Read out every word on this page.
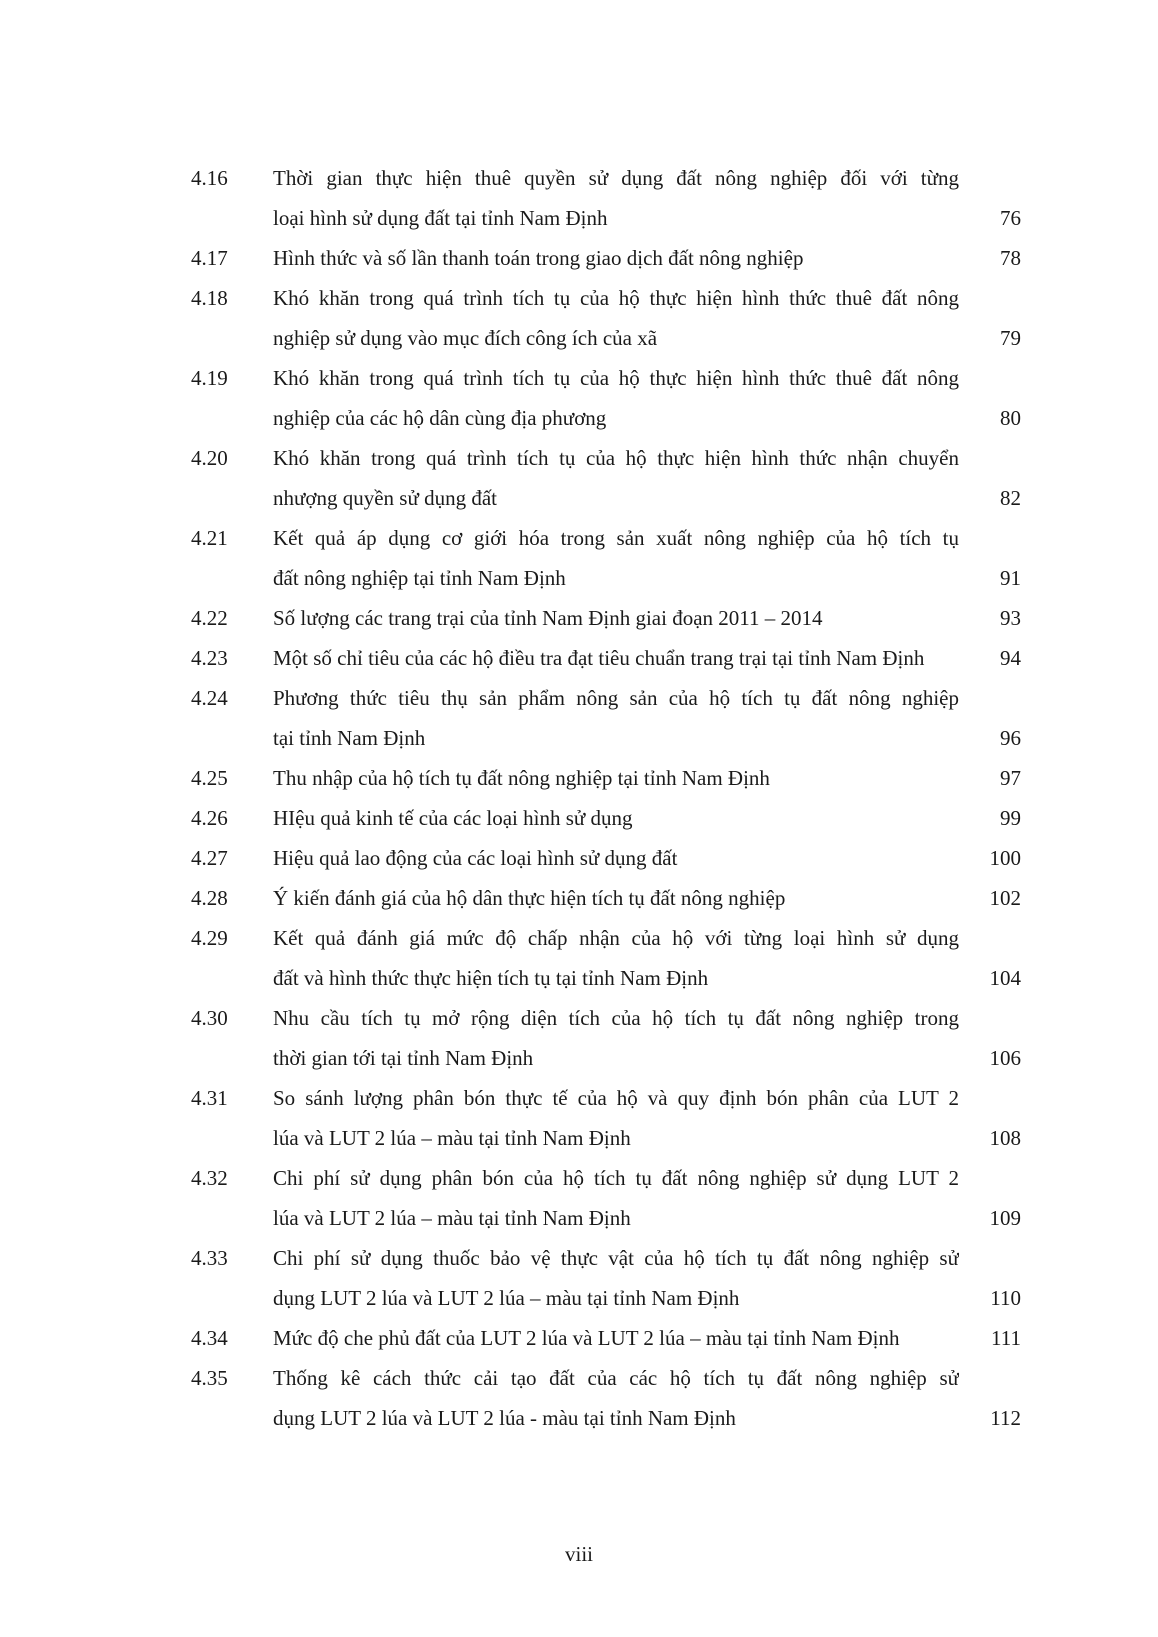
4.16	Thời gian thực hiện thuê quyền sử dụng đất nông nghiệp đối với từng
loại hình sử dụng đất tại tỉnh Nam Định	76
4.17	Hình thức và số lần thanh toán trong giao dịch đất nông nghiệp	78
4.18	Khó khăn trong quá trình tích tụ của hộ thực hiện hình thức thuê đất nông
nghiệp sử dụng vào mục đích công ích của xã	79
4.19	Khó khăn trong quá trình tích tụ của hộ thực hiện hình thức thuê đất nông
nghiệp của các hộ dân cùng địa phương	80
4.20	Khó khăn trong quá trình tích tụ của hộ thực hiện hình thức nhận chuyển
nhượng quyền sử dụng đất	82
4.21	Kết quả áp dụng cơ giới hóa trong sản xuất nông nghiệp của hộ tích tụ
đất nông nghiệp tại tỉnh Nam Định	91
4.22	Số lượng các trang trại của tỉnh Nam Định giai đoạn 2011 – 2014	93
4.23	Một số chỉ tiêu của các hộ điều tra đạt tiêu chuẩn trang trại tại tỉnh Nam Định	94
4.24	Phương thức tiêu thụ sản phẩm nông sản của hộ tích tụ đất nông nghiệp
tại tỉnh Nam Định	96
4.25	Thu nhập của hộ tích tụ đất nông nghiệp tại tỉnh Nam Định	97
4.26	HIệu quả kinh tế của các loại hình sử dụng	99
4.27	Hiệu quả lao động của các loại hình sử dụng đất	100
4.28	Ý kiến đánh giá của hộ dân thực hiện tích tụ đất nông nghiệp	102
4.29	Kết quả đánh giá mức độ chấp nhận của hộ với từng loại hình sử dụng
đất và hình thức thực hiện tích tụ tại tỉnh Nam Định	104
4.30	Nhu cầu tích tụ mở rộng diện tích của hộ tích tụ đất nông nghiệp trong
thời gian tới tại tỉnh Nam Định	106
4.31	So sánh lượng phân bón thực tế của hộ và quy định bón phân của LUT 2
lúa và LUT 2 lúa – màu tại tỉnh Nam Định	108
4.32	Chi phí sử dụng phân bón của hộ tích tụ đất nông nghiệp sử dụng LUT 2
lúa và LUT 2 lúa – màu tại tỉnh Nam Định	109
4.33	Chi phí sử dụng thuốc bảo vệ thực vật của hộ tích tụ đất nông nghiệp sử
dụng LUT 2 lúa và LUT 2 lúa – màu tại tỉnh Nam Định	110
4.34	Mức độ che phủ đất của LUT 2 lúa và LUT 2 lúa – màu tại tỉnh Nam Định	111
4.35	Thống kê cách thức cải tạo đất của các hộ tích tụ đất nông nghiệp sử
dụng LUT 2 lúa và LUT 2 lúa - màu tại tỉnh Nam Định	112
viii
